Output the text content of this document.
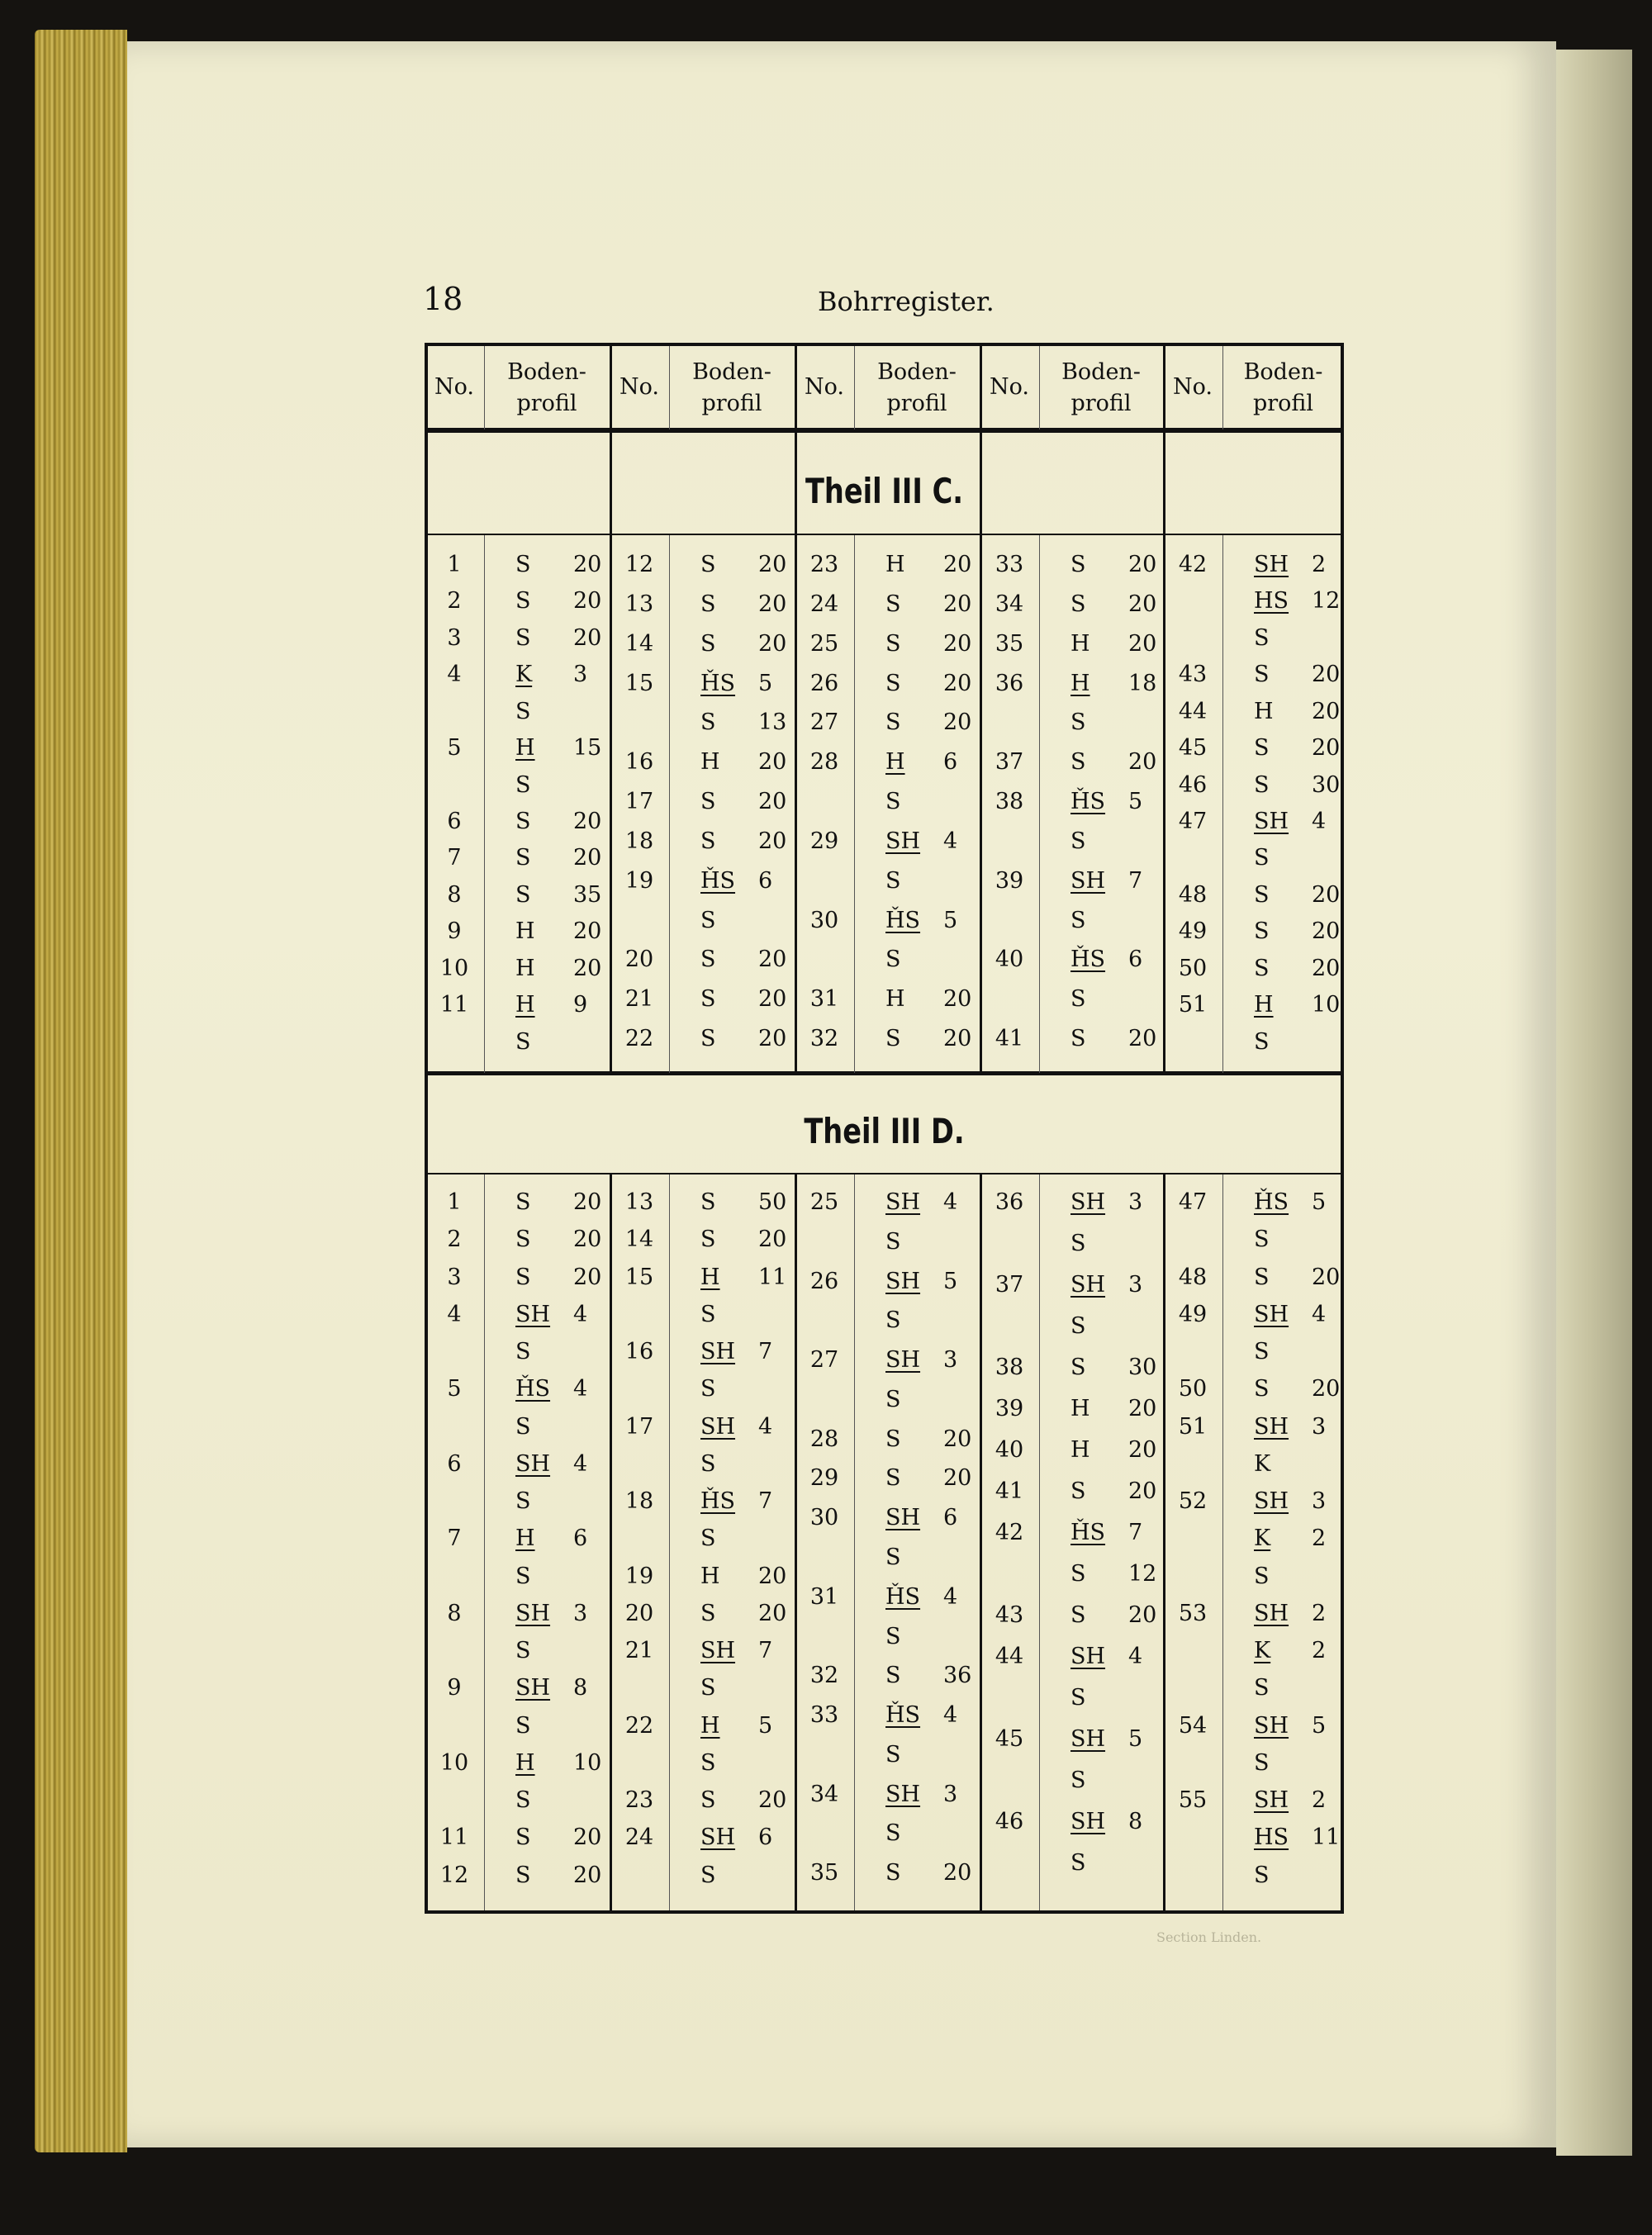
18	Bohrregister.
No.
Boden-
profil
No.
Boden-
profil
No.
Boden-
profil
No.
Boden-
profil
No.
Boden-
profil
Theil III C.
Theil III D.
1	S 20
2	S 20
3	S 20
4	K 3
S
5	H 15
S
6	S 20
7	S 20
8	S 35
9	H 20
10	H 20
11	H 9
S
12	S 20
13	S 20
14	S 20
15	ȞS 5
S 13
16	H 20
17	S 20
18	S 20
19	ȞS 6
S
20	S 20
21	S 20
22	S 20
23	H 20
24	S 20
25	S 20
26	S 20
27	S 20
28	H 6
S
29	SH 4
S
30	ȞS 5
S
31	H 20
32	S 20
33	S 20
34	S 20
35	H 20
36	H 18
S
37	S 20
38	ȞS 5
S
39	SH 7
S
40	ȞS 6
S
41	S 20
42	SH 2
HS 12
S
43	S 20
44	H 20
45	S 20
46	S 30
47	SH 4
S
48	S 20
49	S 20
50	S 20
51	H 10
S
1	S 20
2	S 20
3	S 20
4	SH 4
S
5	ȞS 4
S
6	SH 4
S
7	H 6
S
8	SH 3
S
9	SH 8
S
10	H 10
S
11	S 20
12	S 20
13	S 50
14	S 20
15	H 11
S
16	SH 7
S
17	SH 4
S
18	ȞS 7
S
19	H 20
20	S 20
21	SH 7
S
22	H 5
S
23	S 20
24	SH 6
S
25	SH 4
S
26	SH 5
S
27	SH 3
S
28	S 20
29	S 20
30	SH 6
S
31	ȞS 4
S
32	S 36
33	ȞS 4
S
34	SH 3
S
35	S 20
36	SH 3
S
37	SH 3
S
38	S 30
39	H 20
40	H 20
41	S 20
42	ȞS 7
S 12
43	S 20
44	SH 4
S
45	SH 5
S
46	SH 8
S
47	ȞS 5
S
48	S 20
49	SH 4
S
50	S 20
51	SH 3
K
52	SH 3
K 2
S
53	SH 2
K 2
S
54	SH 5
S
55	SH 2
HS 11
S
Section Linden.
